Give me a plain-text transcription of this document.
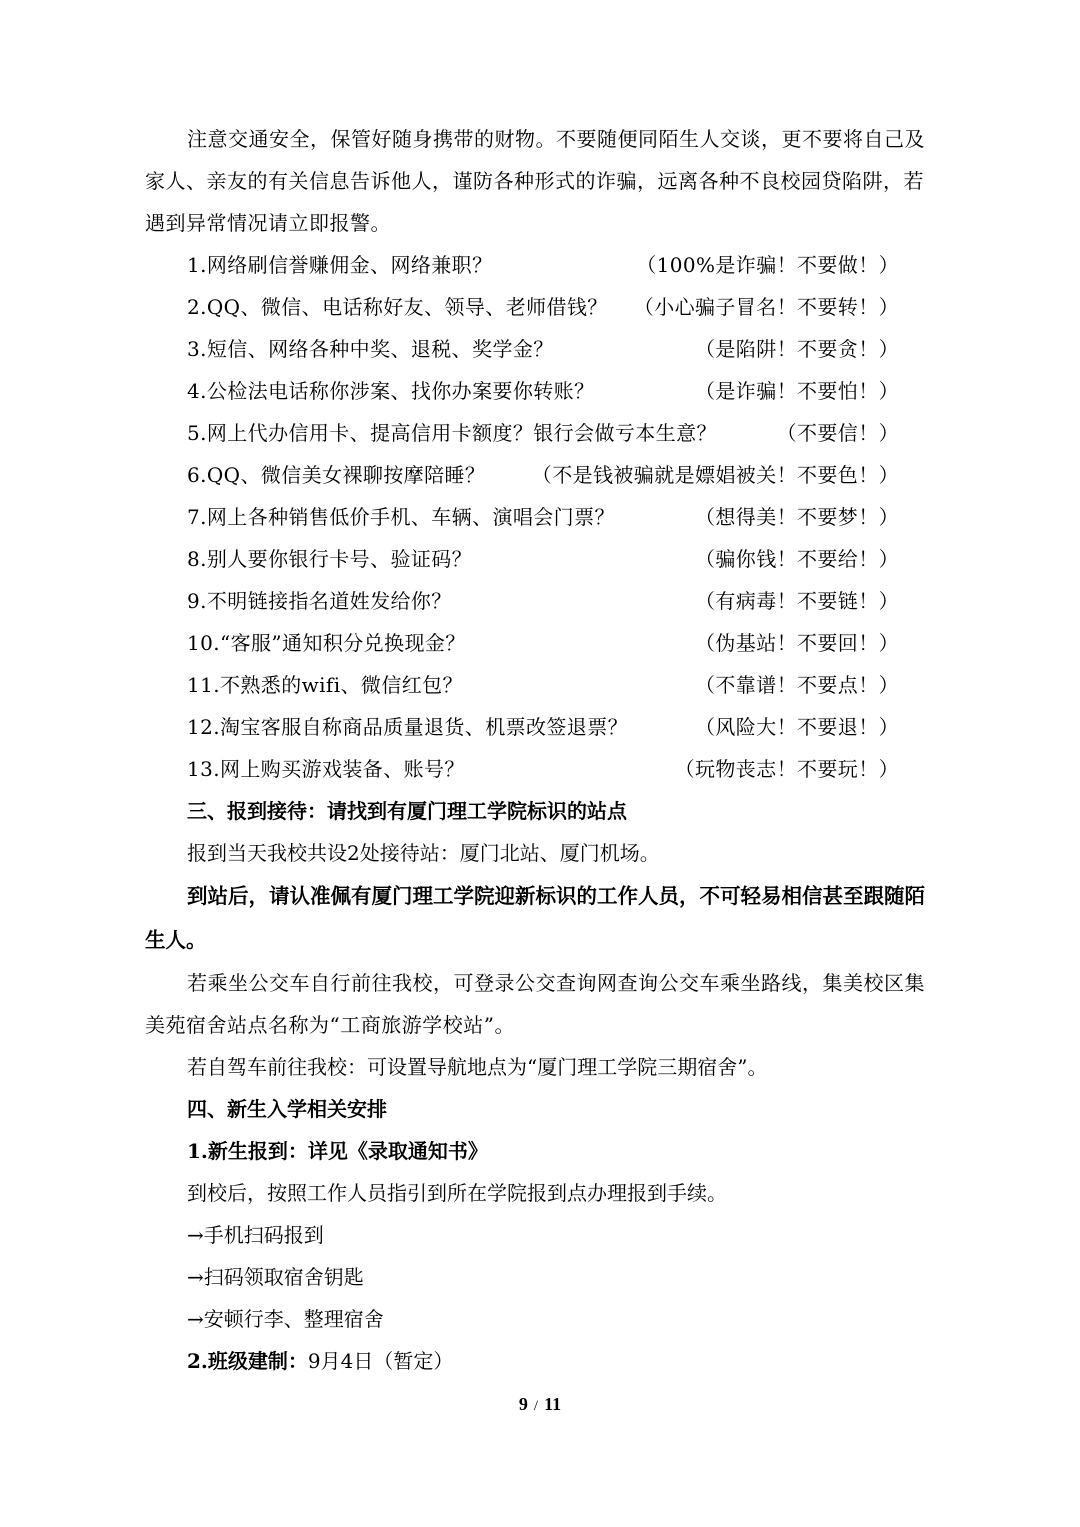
注意交通安全，保管好随身携带的财物。不要随便同陌生人交谈，更不要将自己及家人、亲友的有关信息告诉他人，谨防各种形式的诈骗，远离各种不良校园贷陷阱，若遇到异常情况请立即报警。

1.网络刷信誉赚佣金、网络兼职？	（100%是诈骗！不要做！）
2.QQ、微信、电话称好友、领导、老师借钱？ （小心骗子冒名！不要转！）
3.短信、网络各种中奖、退税、奖学金？	（是陷阱！不要贪！）
4.公检法电话称你涉案、找你办案要你转账？	（是诈骗！不要怕！）
5.网上代办信用卡、提高信用卡额度？银行会做亏本生意？	（不要信！）
6.QQ、微信美女裸聊按摩陪睡？ （不是钱被骗就是嫖娼被关！不要色！）
7.网上各种销售低价手机、车辆、演唱会门票？	（想得美！不要梦！）
8.别人要你银行卡号、验证码？	（骗你钱！不要给！）
9.不明链接指名道姓发给你？	（有病毒！不要链！）
10.“客服”通知积分兑换现金？	（伪基站！不要回！）
11.不熟悉的wifi、微信红包？	（不靠谱！不要点！）
12.淘宝客服自称商品质量退货、机票改签退票？	（风险大！不要退！）
13.网上购买游戏装备、账号？	（玩物丧志！不要玩！）

三、报到接待：请找到有厦门理工学院标识的站点

报到当天我校共设2处接待站：厦门北站、厦门机场。

到站后，请认准佩有厦门理工学院迎新标识的工作人员，不可轻易相信甚至跟随陌生人。

若乘坐公交车自行前往我校，可登录公交查询网查询公交车乘坐路线，集美校区集美苑宿舍站点名称为“工商旅游学校站”。

若自驾车前往我校：可设置导航地点为“厦门理工学院三期宿舍”。

四、新生入学相关安排

1.新生报到：详见《录取通知书》

到校后，按照工作人员指引到所在学院报到点办理报到手续。

→手机扫码报到

→扫码领取宿舍钥匙

→安顿行李、整理宿舍

2.班级建制：9月4日（暂定）

9 / 11
